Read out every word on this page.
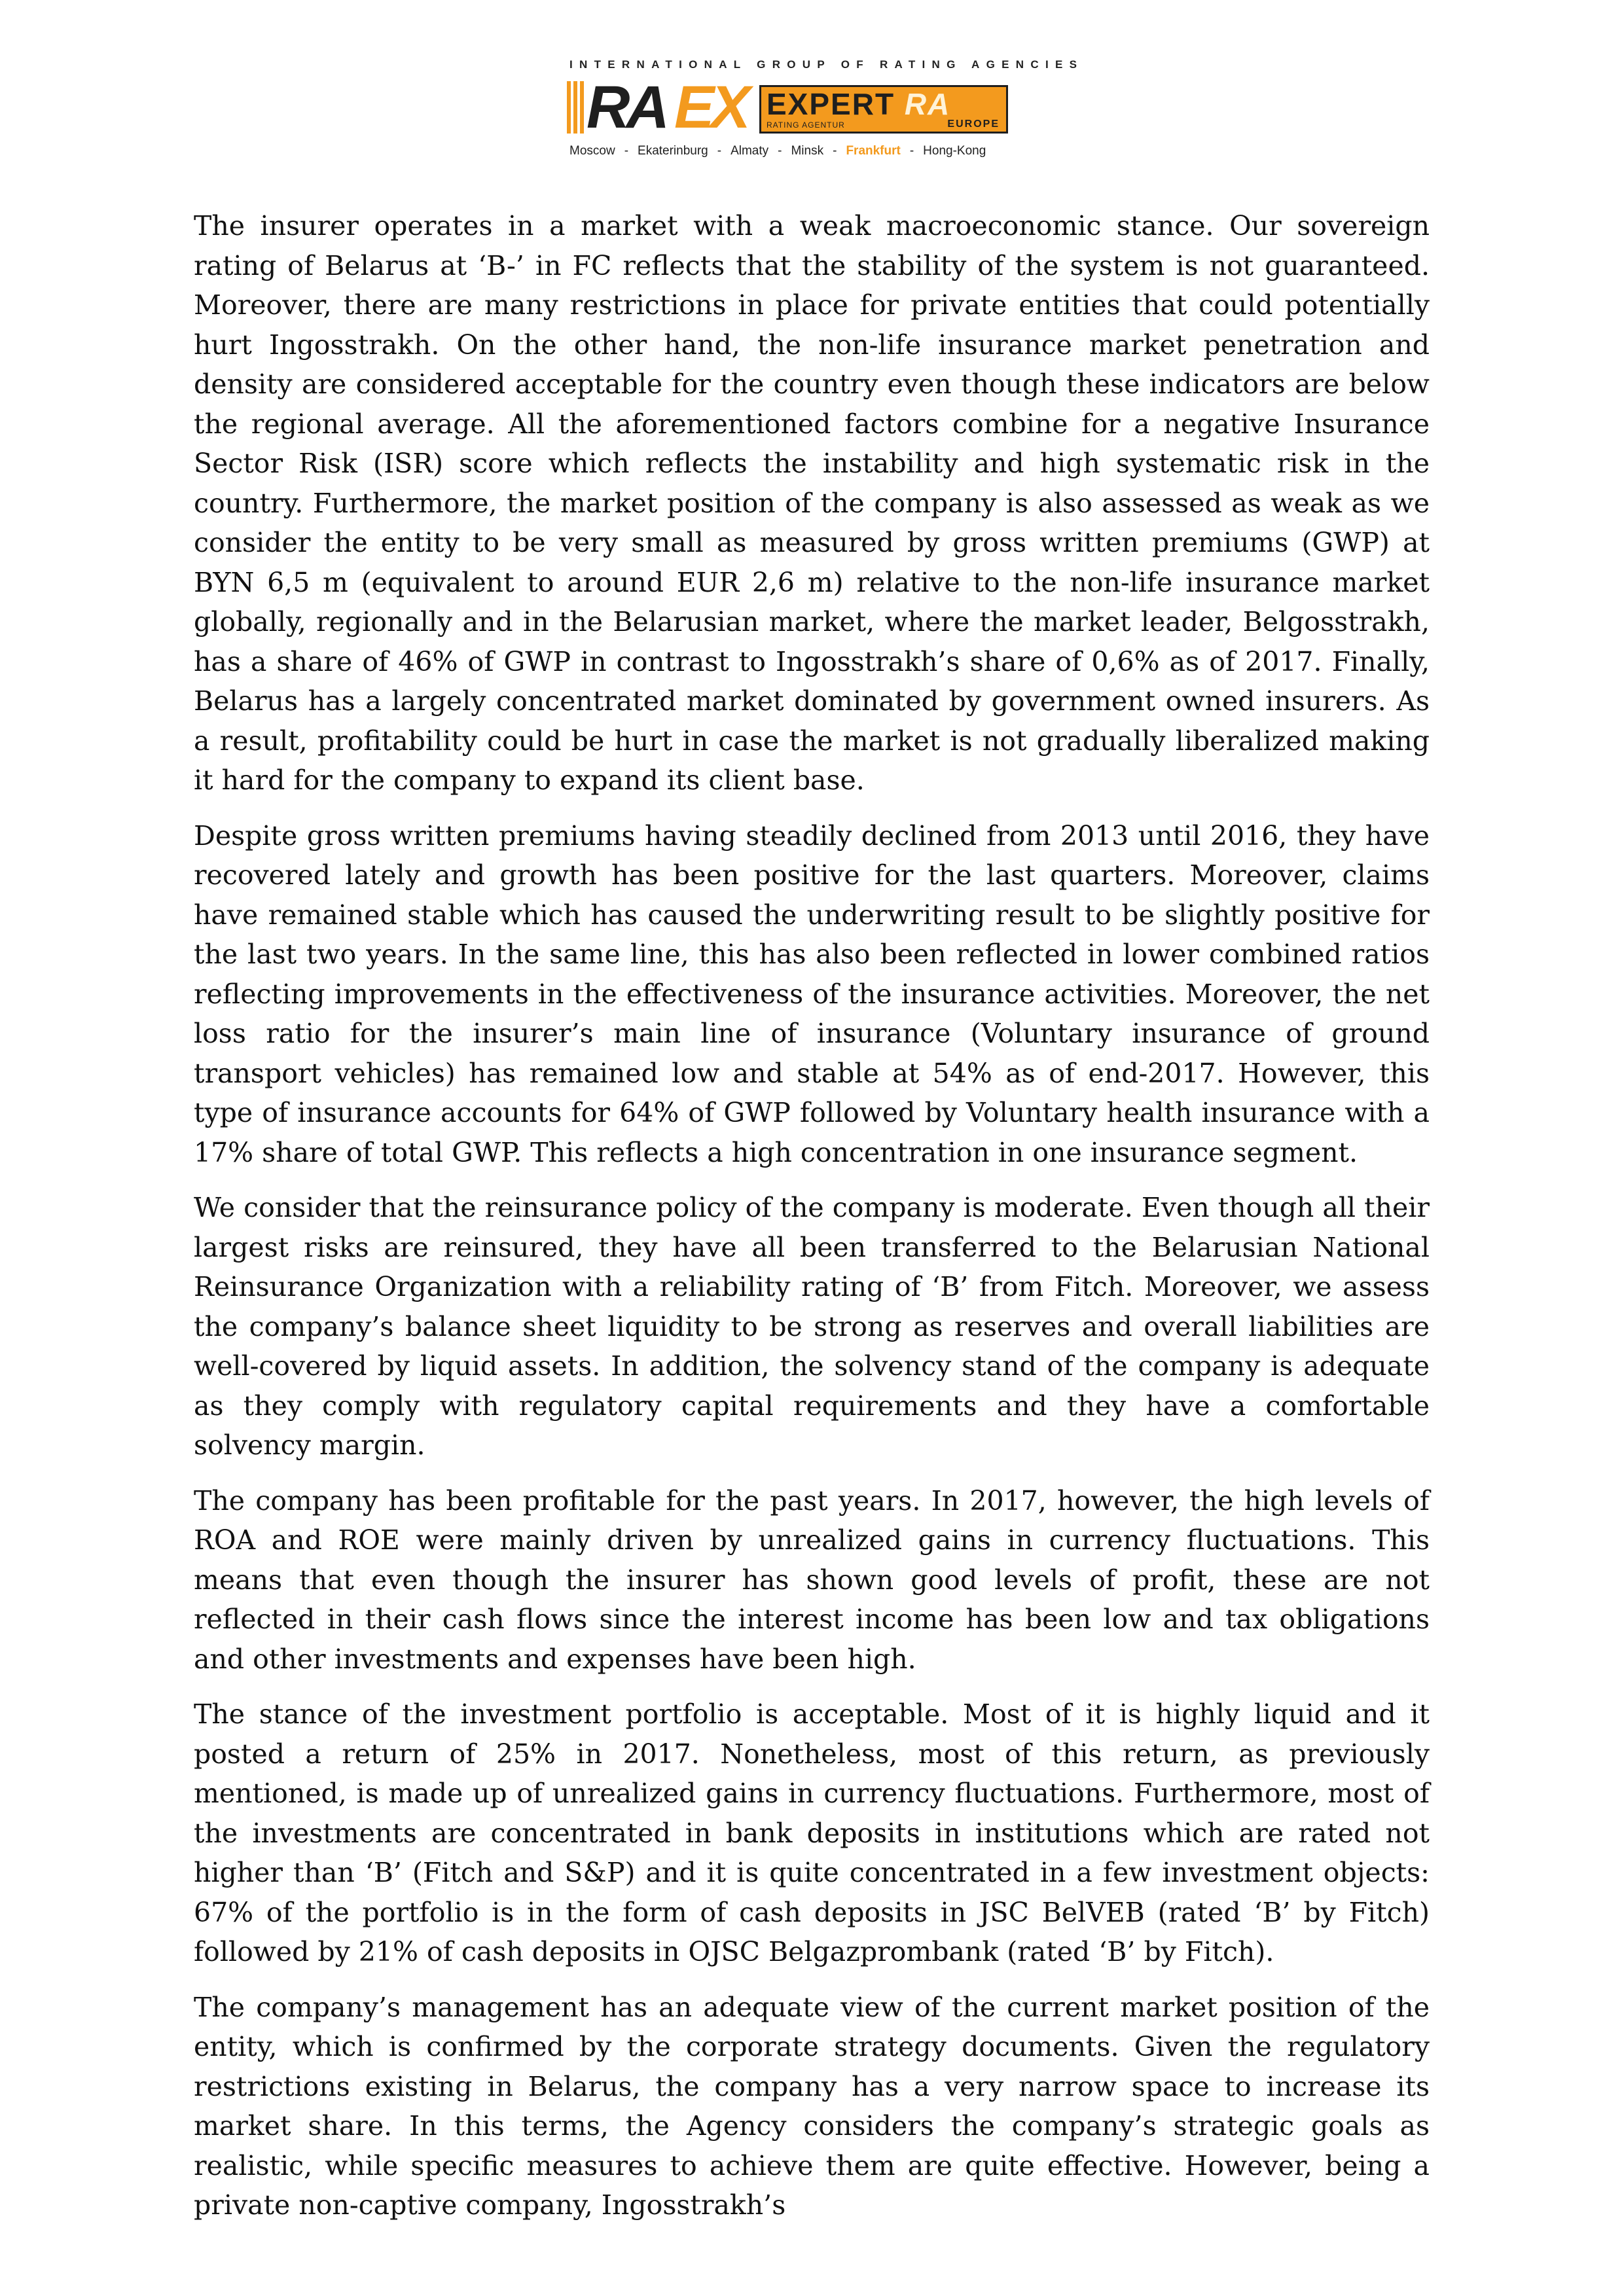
INTERNATIONAL GROUP OF RATING AGENCIES
RA EX EXPERT RA
RATING AGENTUR	EUROPE
Moscow - Ekaterinburg - Almaty - Minsk - Frankfurt - Hong-Kong

The insurer operates in a market with a weak macroeconomic stance. Our sovereign rating of Belarus at ‘B-’ in FC reflects that the stability of the system is not guaranteed. Moreover, there are many restrictions in place for private entities that could potentially hurt Ingosstrakh. On the other hand, the non-life insurance market penetration and density are considered acceptable for the country even though these indicators are below the regional average. All the aforementioned factors combine for a negative Insurance Sector Risk (ISR) score which reflects the instability and high systematic risk in the country. Furthermore, the market position of the company is also assessed as weak as we consider the entity to be very small as measured by gross written premiums (GWP) at BYN 6,5 m (equivalent to around EUR 2,6 m) relative to the non-life insurance market globally, regionally and in the Belarusian market, where the market leader, Belgosstrakh, has a share of 46% of GWP in contrast to Ingosstrakh’s share of 0,6% as of 2017. Finally, Belarus has a largely concentrated market dominated by government owned insurers. As a result, profitability could be hurt in case the market is not gradually liberalized making it hard for the company to expand its client base.

Despite gross written premiums having steadily declined from 2013 until 2016, they have recovered lately and growth has been positive for the last quarters. Moreover, claims have remained stable which has caused the underwriting result to be slightly positive for the last two years. In the same line, this has also been reflected in lower combined ratios reflecting improvements in the effectiveness of the insurance activities. Moreover, the net loss ratio for the insurer’s main line of insurance (Voluntary insurance of ground transport vehicles) has remained low and stable at 54% as of end-2017. However, this type of insurance accounts for 64% of GWP followed by Voluntary health insurance with a 17% share of total GWP. This reflects a high concentration in one insurance segment.

We consider that the reinsurance policy of the company is moderate. Even though all their largest risks are reinsured, they have all been transferred to the Belarusian National Reinsurance Organization with a reliability rating of ‘B’ from Fitch. Moreover, we assess the company’s balance sheet liquidity to be strong as reserves and overall liabilities are well-covered by liquid assets. In addition, the solvency stand of the company is adequate as they comply with regulatory capital requirements and they have a comfortable solvency margin.

The company has been profitable for the past years. In 2017, however, the high levels of ROA and ROE were mainly driven by unrealized gains in currency fluctuations. This means that even though the insurer has shown good levels of profit, these are not reflected in their cash flows since the interest income has been low and tax obligations and other investments and expenses have been high.

The stance of the investment portfolio is acceptable. Most of it is highly liquid and it posted a return of 25% in 2017. Nonetheless, most of this return, as previously mentioned, is made up of unrealized gains in currency fluctuations. Furthermore, most of the investments are concentrated in bank deposits in institutions which are rated not higher than ‘B’ (Fitch and S&P) and it is quite concentrated in a few investment objects: 67% of the portfolio is in the form of cash deposits in JSC BelVEB (rated ‘B’ by Fitch) followed by 21% of cash deposits in OJSC Belgazprombank (rated ‘B’ by Fitch).

The company’s management has an adequate view of the current market position of the entity, which is confirmed by the corporate strategy documents. Given the regulatory restrictions existing in Belarus, the company has a very narrow space to increase its market share. In this terms, the Agency considers the company’s strategic goals as realistic, while specific measures to achieve them are quite effective. However, being a private non-captive company, Ingosstrakh’s
